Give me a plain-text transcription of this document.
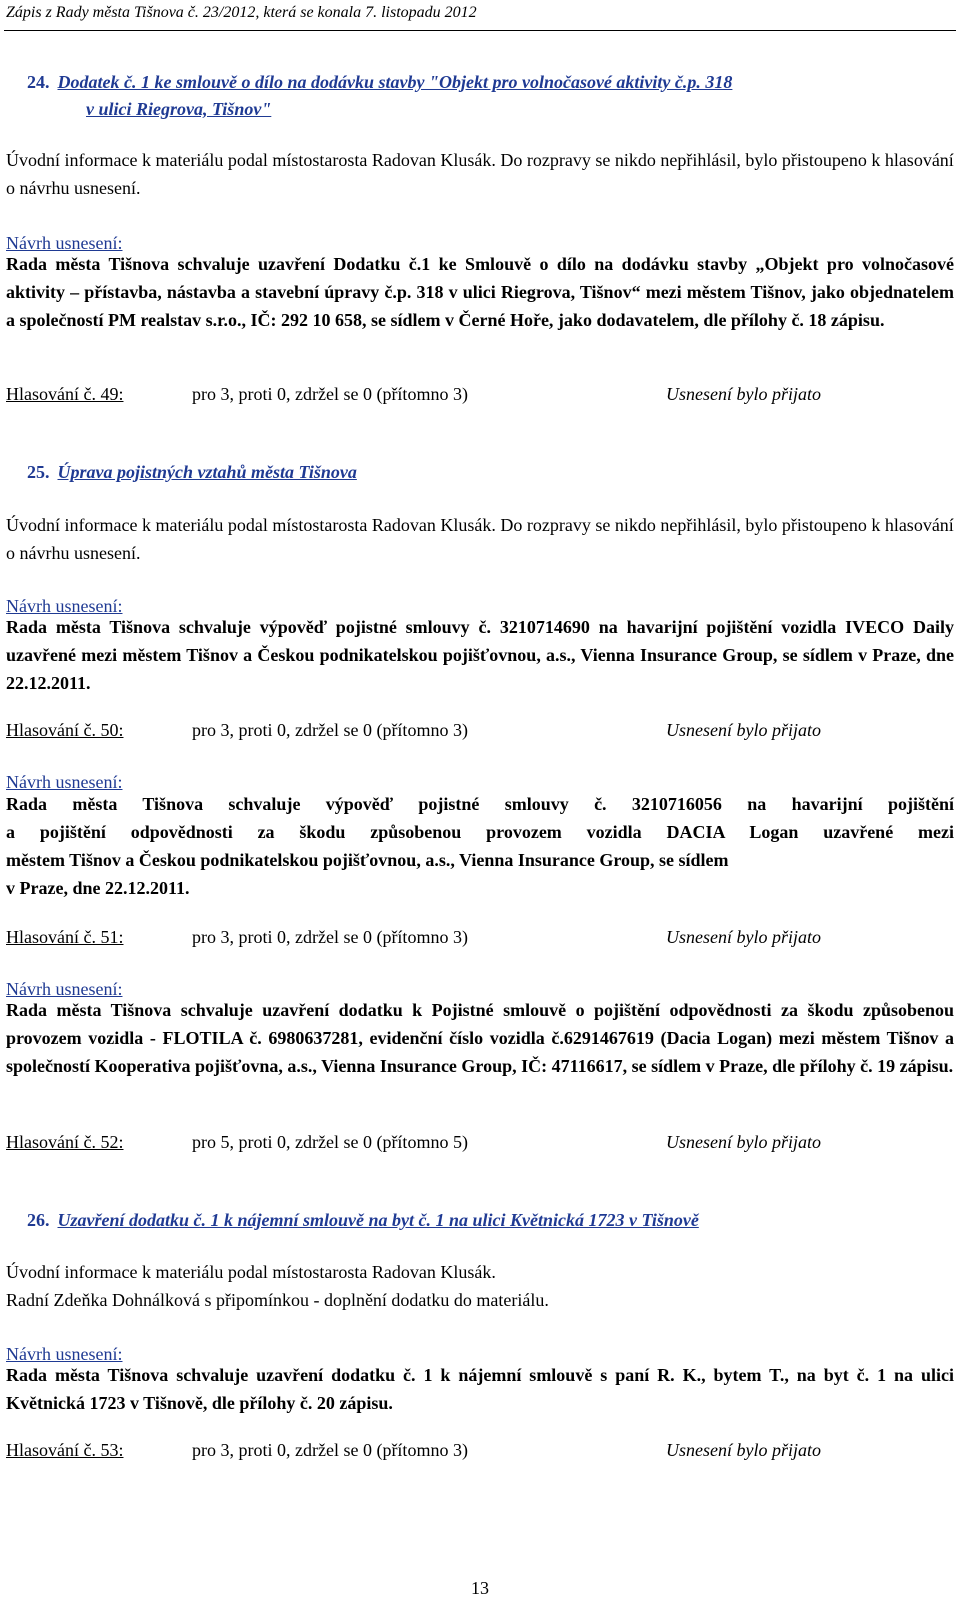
Zápis z Rady města Tišnova č. 23/2012, která se konala 7. listopadu 2012
24. Dodatek č. 1 ke smlouvě o dílo na dodávku stavby "Objekt pro volnočasové aktivity č.p. 318
v ulici Riegrova, Tišnov"
Úvodní informace k materiálu podal místostarosta Radovan Klusák. Do rozpravy se nikdo nepřihlásil, bylo přistoupeno k hlasování o návrhu usnesení.
Návrh usnesení:
Rada města Tišnova schvaluje uzavření Dodatku č.1 ke Smlouvě o dílo na dodávku stavby „Objekt pro volnočasové aktivity – přístavba, nástavba a stavební úpravy č.p. 318 v ulici Riegrova, Tišnov“ mezi městem Tišnov, jako objednatelem a společností PM realstav s.r.o., IČ: 292 10 658, se sídlem v Černé Hoře, jako dodavatelem, dle přílohy č. 18 zápisu.
Hlasování č. 49:	pro 3, proti 0, zdržel se 0 (přítomno 3)	Usnesení bylo přijato
25. Úprava pojistných vztahů města Tišnova
Úvodní informace k materiálu podal místostarosta Radovan Klusák. Do rozpravy se nikdo nepřihlásil, bylo přistoupeno k hlasování o návrhu usnesení.
Návrh usnesení:
Rada města Tišnova schvaluje výpověď pojistné smlouvy č. 3210714690 na havarijní pojištění vozidla IVECO Daily uzavřené mezi městem Tišnov a Českou podnikatelskou pojišťovnou, a.s., Vienna Insurance Group, se sídlem v Praze, dne 22.12.2011.
Hlasování č. 50:	pro 3, proti 0, zdržel se 0 (přítomno 3)	Usnesení bylo přijato
Návrh usnesení:
Rada města Tišnova schvaluje výpověď pojistné smlouvy č. 3210716056 na havarijní pojištění
a pojištění odpovědnosti za škodu způsobenou provozem vozidla DACIA Logan uzavřené mezi
městem Tišnov a Českou podnikatelskou pojišťovnou, a.s., Vienna Insurance Group, se sídlem
v Praze, dne 22.12.2011.
Hlasování č. 51:	pro 3, proti 0, zdržel se 0 (přítomno 3)	Usnesení bylo přijato
Návrh usnesení:
Rada města Tišnova schvaluje uzavření dodatku k Pojistné smlouvě o pojištění odpovědnosti za škodu způsobenou provozem vozidla - FLOTILA č. 6980637281, evidenční číslo vozidla č.6291467619 (Dacia Logan) mezi městem Tišnov a společností Kooperativa pojišťovna, a.s., Vienna Insurance Group, IČ: 47116617, se sídlem v Praze, dle přílohy č. 19 zápisu.
Hlasování č. 52:	pro 5, proti 0, zdržel se 0 (přítomno 5)	Usnesení bylo přijato
26. Uzavření dodatku č. 1 k nájemní smlouvě na byt č. 1 na ulici Květnická 1723 v Tišnově
Úvodní informace k materiálu podal místostarosta Radovan Klusák.
Radní Zdeňka Dohnálková s připomínkou - doplnění dodatku do materiálu.
Návrh usnesení:
Rada města Tišnova schvaluje uzavření dodatku č. 1 k nájemní smlouvě s paní R. K., bytem T., na byt č. 1 na ulici Květnická 1723 v Tišnově, dle přílohy č. 20 zápisu.
Hlasování č. 53:	pro 3, proti 0, zdržel se 0 (přítomno 3)	Usnesení bylo přijato
13
